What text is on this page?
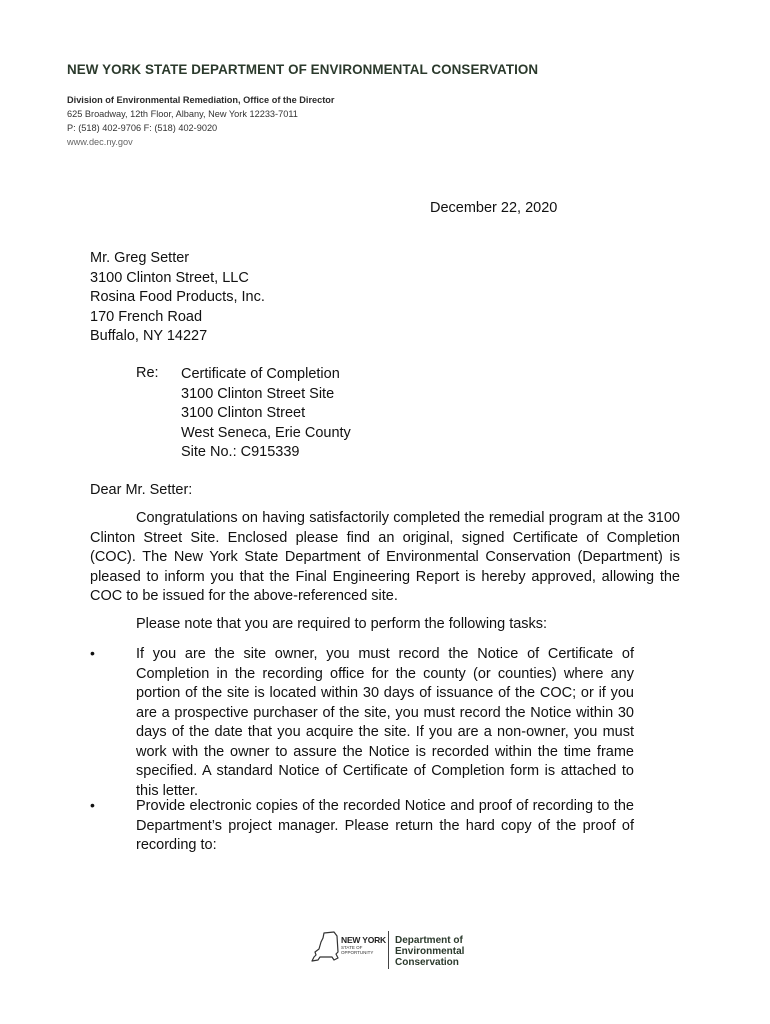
NEW YORK STATE DEPARTMENT OF ENVIRONMENTAL CONSERVATION
Division of Environmental Remediation, Office of the Director
625 Broadway, 12th Floor, Albany, New York 12233-7011
P: (518) 402-9706 F: (518) 402-9020
www.dec.ny.gov
December 22, 2020
Mr. Greg Setter
3100 Clinton Street, LLC
Rosina Food Products, Inc.
170 French Road
Buffalo, NY 14227
Re: Certificate of Completion
3100 Clinton Street Site
3100 Clinton Street
West Seneca, Erie County
Site No.: C915339
Dear Mr. Setter:

Congratulations on having satisfactorily completed the remedial program at the 3100 Clinton Street Site. Enclosed please find an original, signed Certificate of Completion (COC). The New York State Department of Environmental Conservation (Department) is pleased to inform you that the Final Engineering Report is hereby approved, allowing the COC to be issued for the above-referenced site.

Please note that you are required to perform the following tasks:

•	If you are the site owner, you must record the Notice of Certificate of Completion in the recording office for the county (or counties) where any portion of the site is located within 30 days of issuance of the COC; or if you are a prospective purchaser of the site, you must record the Notice within 30 days of the date that you acquire the site. If you are a non-owner, you must work with the owner to assure the Notice is recorded within the time frame specified. A standard Notice of Certificate of Completion form is attached to this letter.

•	Provide electronic copies of the recorded Notice and proof of recording to the Department’s project manager. Please return the hard copy of the proof of recording to:

NEW YORK
STATE OF
OPPORTUNITY
Department of
Environmental
Conservation
